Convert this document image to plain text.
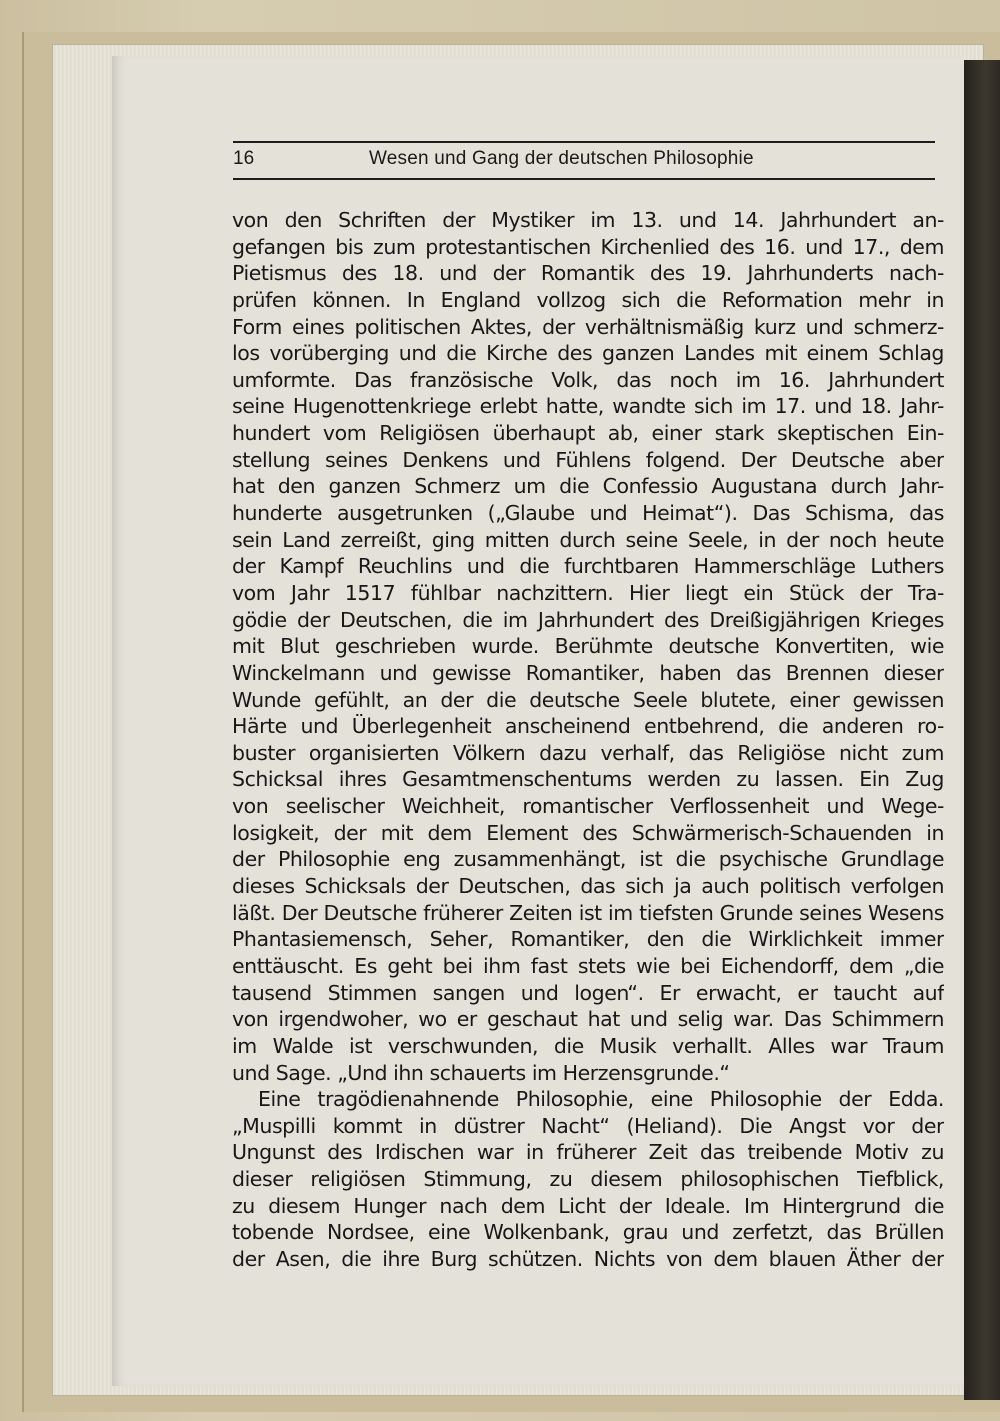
16	Wesen und Gang der deutschen Philosophie
von den Schriften der Mystiker im 13. und 14. Jahrhundert an-
gefangen bis zum protestantischen Kirchenlied des 16. und 17., dem
Pietismus des 18. und der Romantik des 19. Jahrhunderts nach-
prüfen können. In England vollzog sich die Reformation mehr in
Form eines politischen Aktes, der verhältnismäßig kurz und schmerz-
los vorüberging und die Kirche des ganzen Landes mit einem Schlag
umformte. Das französische Volk, das noch im 16. Jahrhundert
seine Hugenottenkriege erlebt hatte, wandte sich im 17. und 18. Jahr-
hundert vom Religiösen überhaupt ab, einer stark skeptischen Ein-
stellung seines Denkens und Fühlens folgend. Der Deutsche aber
hat den ganzen Schmerz um die Confessio Augustana durch Jahr-
hunderte ausgetrunken („Glaube und Heimat“). Das Schisma, das
sein Land zerreißt, ging mitten durch seine Seele, in der noch heute
der Kampf Reuchlins und die furchtbaren Hammerschläge Luthers
vom Jahr 1517 fühlbar nachzittern. Hier liegt ein Stück der Tra-
gödie der Deutschen, die im Jahrhundert des Dreißigjährigen Krieges
mit Blut geschrieben wurde. Berühmte deutsche Konvertiten, wie
Winckelmann und gewisse Romantiker, haben das Brennen dieser
Wunde gefühlt, an der die deutsche Seele blutete, einer gewissen
Härte und Überlegenheit anscheinend entbehrend, die anderen ro-
buster organisierten Völkern dazu verhalf, das Religiöse nicht zum
Schicksal ihres Gesamtmenschentums werden zu lassen. Ein Zug
von seelischer Weichheit, romantischer Verflossenheit und Wege-
losigkeit, der mit dem Element des Schwärmerisch-Schauenden in
der Philosophie eng zusammenhängt, ist die psychische Grundlage
dieses Schicksals der Deutschen, das sich ja auch politisch verfolgen
läßt. Der Deutsche früherer Zeiten ist im tiefsten Grunde seines Wesens
Phantasiemensch, Seher, Romantiker, den die Wirklichkeit immer
enttäuscht. Es geht bei ihm fast stets wie bei Eichendorff, dem „die
tausend Stimmen sangen und logen“. Er erwacht, er taucht auf
von irgendwoher, wo er geschaut hat und selig war. Das Schimmern
im Walde ist verschwunden, die Musik verhallt. Alles war Traum
und Sage. „Und ihn schauerts im Herzensgrunde.“
Eine tragödienahnende Philosophie, eine Philosophie der Edda.
„Muspilli kommt in düstrer Nacht“ (Heliand). Die Angst vor der
Ungunst des Irdischen war in früherer Zeit das treibende Motiv zu
dieser religiösen Stimmung, zu diesem philosophischen Tiefblick,
zu diesem Hunger nach dem Licht der Ideale. Im Hintergrund die
tobende Nordsee, eine Wolkenbank, grau und zerfetzt, das Brüllen
der Asen, die ihre Burg schützen. Nichts von dem blauen Äther der
